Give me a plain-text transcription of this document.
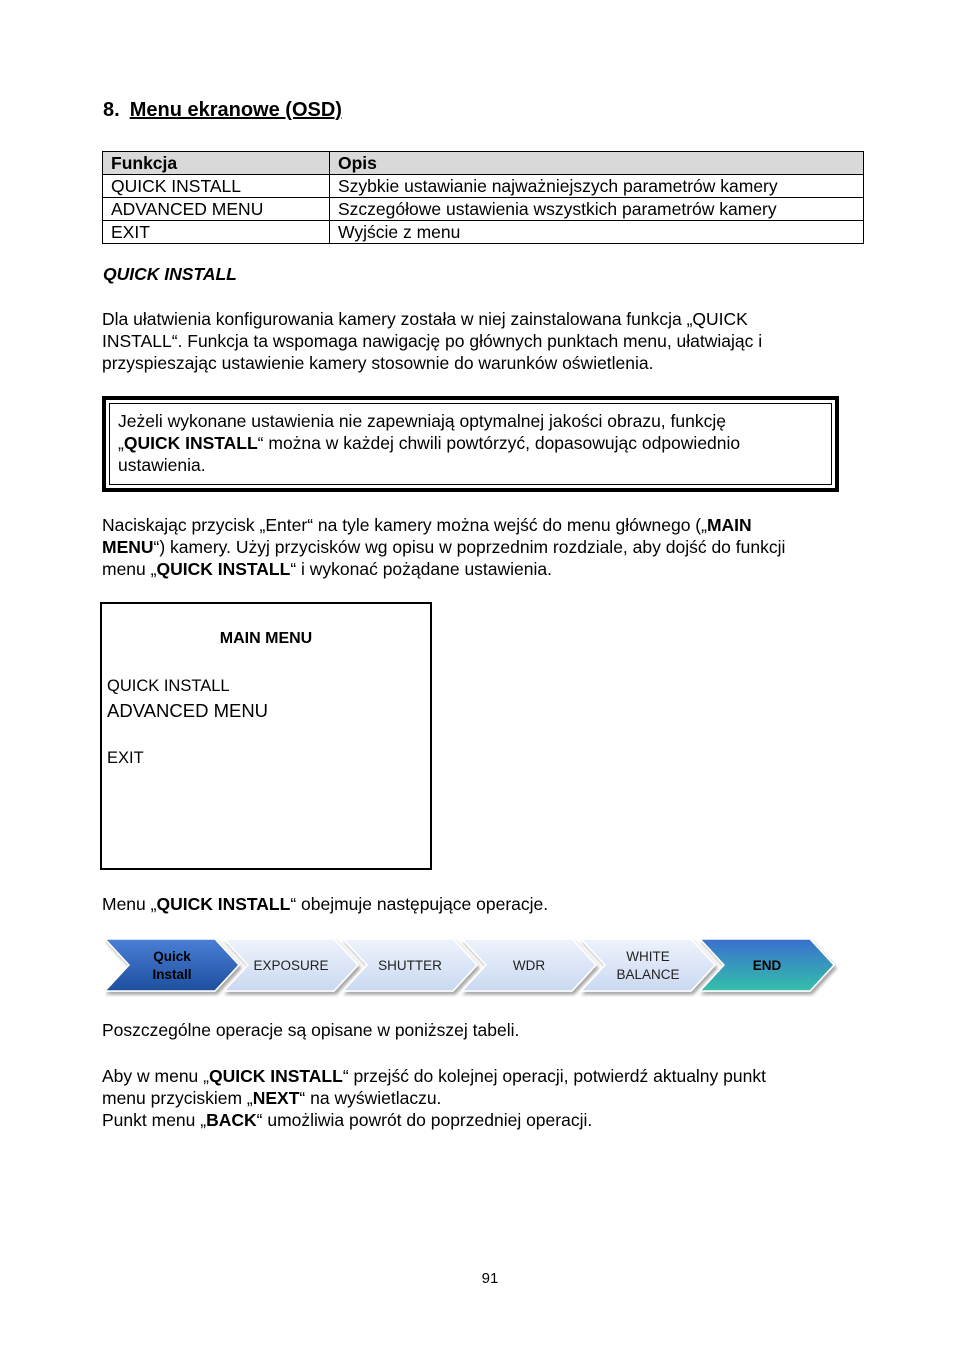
8. Menu ekranowe (OSD)
Funkcja	Opis
QUICK INSTALL	Szybkie ustawianie najważniejszych parametrów kamery
ADVANCED MENU	Szczegółowe ustawienia wszystkich parametrów kamery
EXIT	Wyjście z menu
QUICK INSTALL
Dla ułatwienia konfigurowania kamery została w niej zainstalowana funkcja „QUICK
INSTALL“. Funkcja ta wspomaga nawigację po głównych punktach menu, ułatwiając i
przyspieszając ustawienie kamery stosownie do warunków oświetlenia.
Jeżeli wykonane ustawienia nie zapewniają optymalnej jakości obrazu, funkcję
„QUICK INSTALL“ można w każdej chwili powtórzyć, dopasowując odpowiednio
ustawienia.
Naciskając przycisk „Enter“ na tyle kamery można wejść do menu głównego („MAIN
MENU“) kamery. Użyj przycisków wg opisu w poprzednim rozdziale, aby dojść do funkcji
menu „QUICK INSTALL“ i wykonać pożądane ustawienia.
MAIN MENU
QUICK INSTALL
ADVANCED MENU
EXIT
Menu „QUICK INSTALL“ obejmuje następujące operacje.
Quick
Install
EXPOSURE	SHUTTER	WDR
WHITE
BALANCE
END
Poszczególne operacje są opisane w poniższej tabeli.
Aby w menu „QUICK INSTALL“ przejść do kolejnej operacji, potwierdź aktualny punkt
menu przyciskiem „NEXT“ na wyświetlaczu.
Punkt menu „BACK“ umożliwia powrót do poprzedniej operacji.
91
